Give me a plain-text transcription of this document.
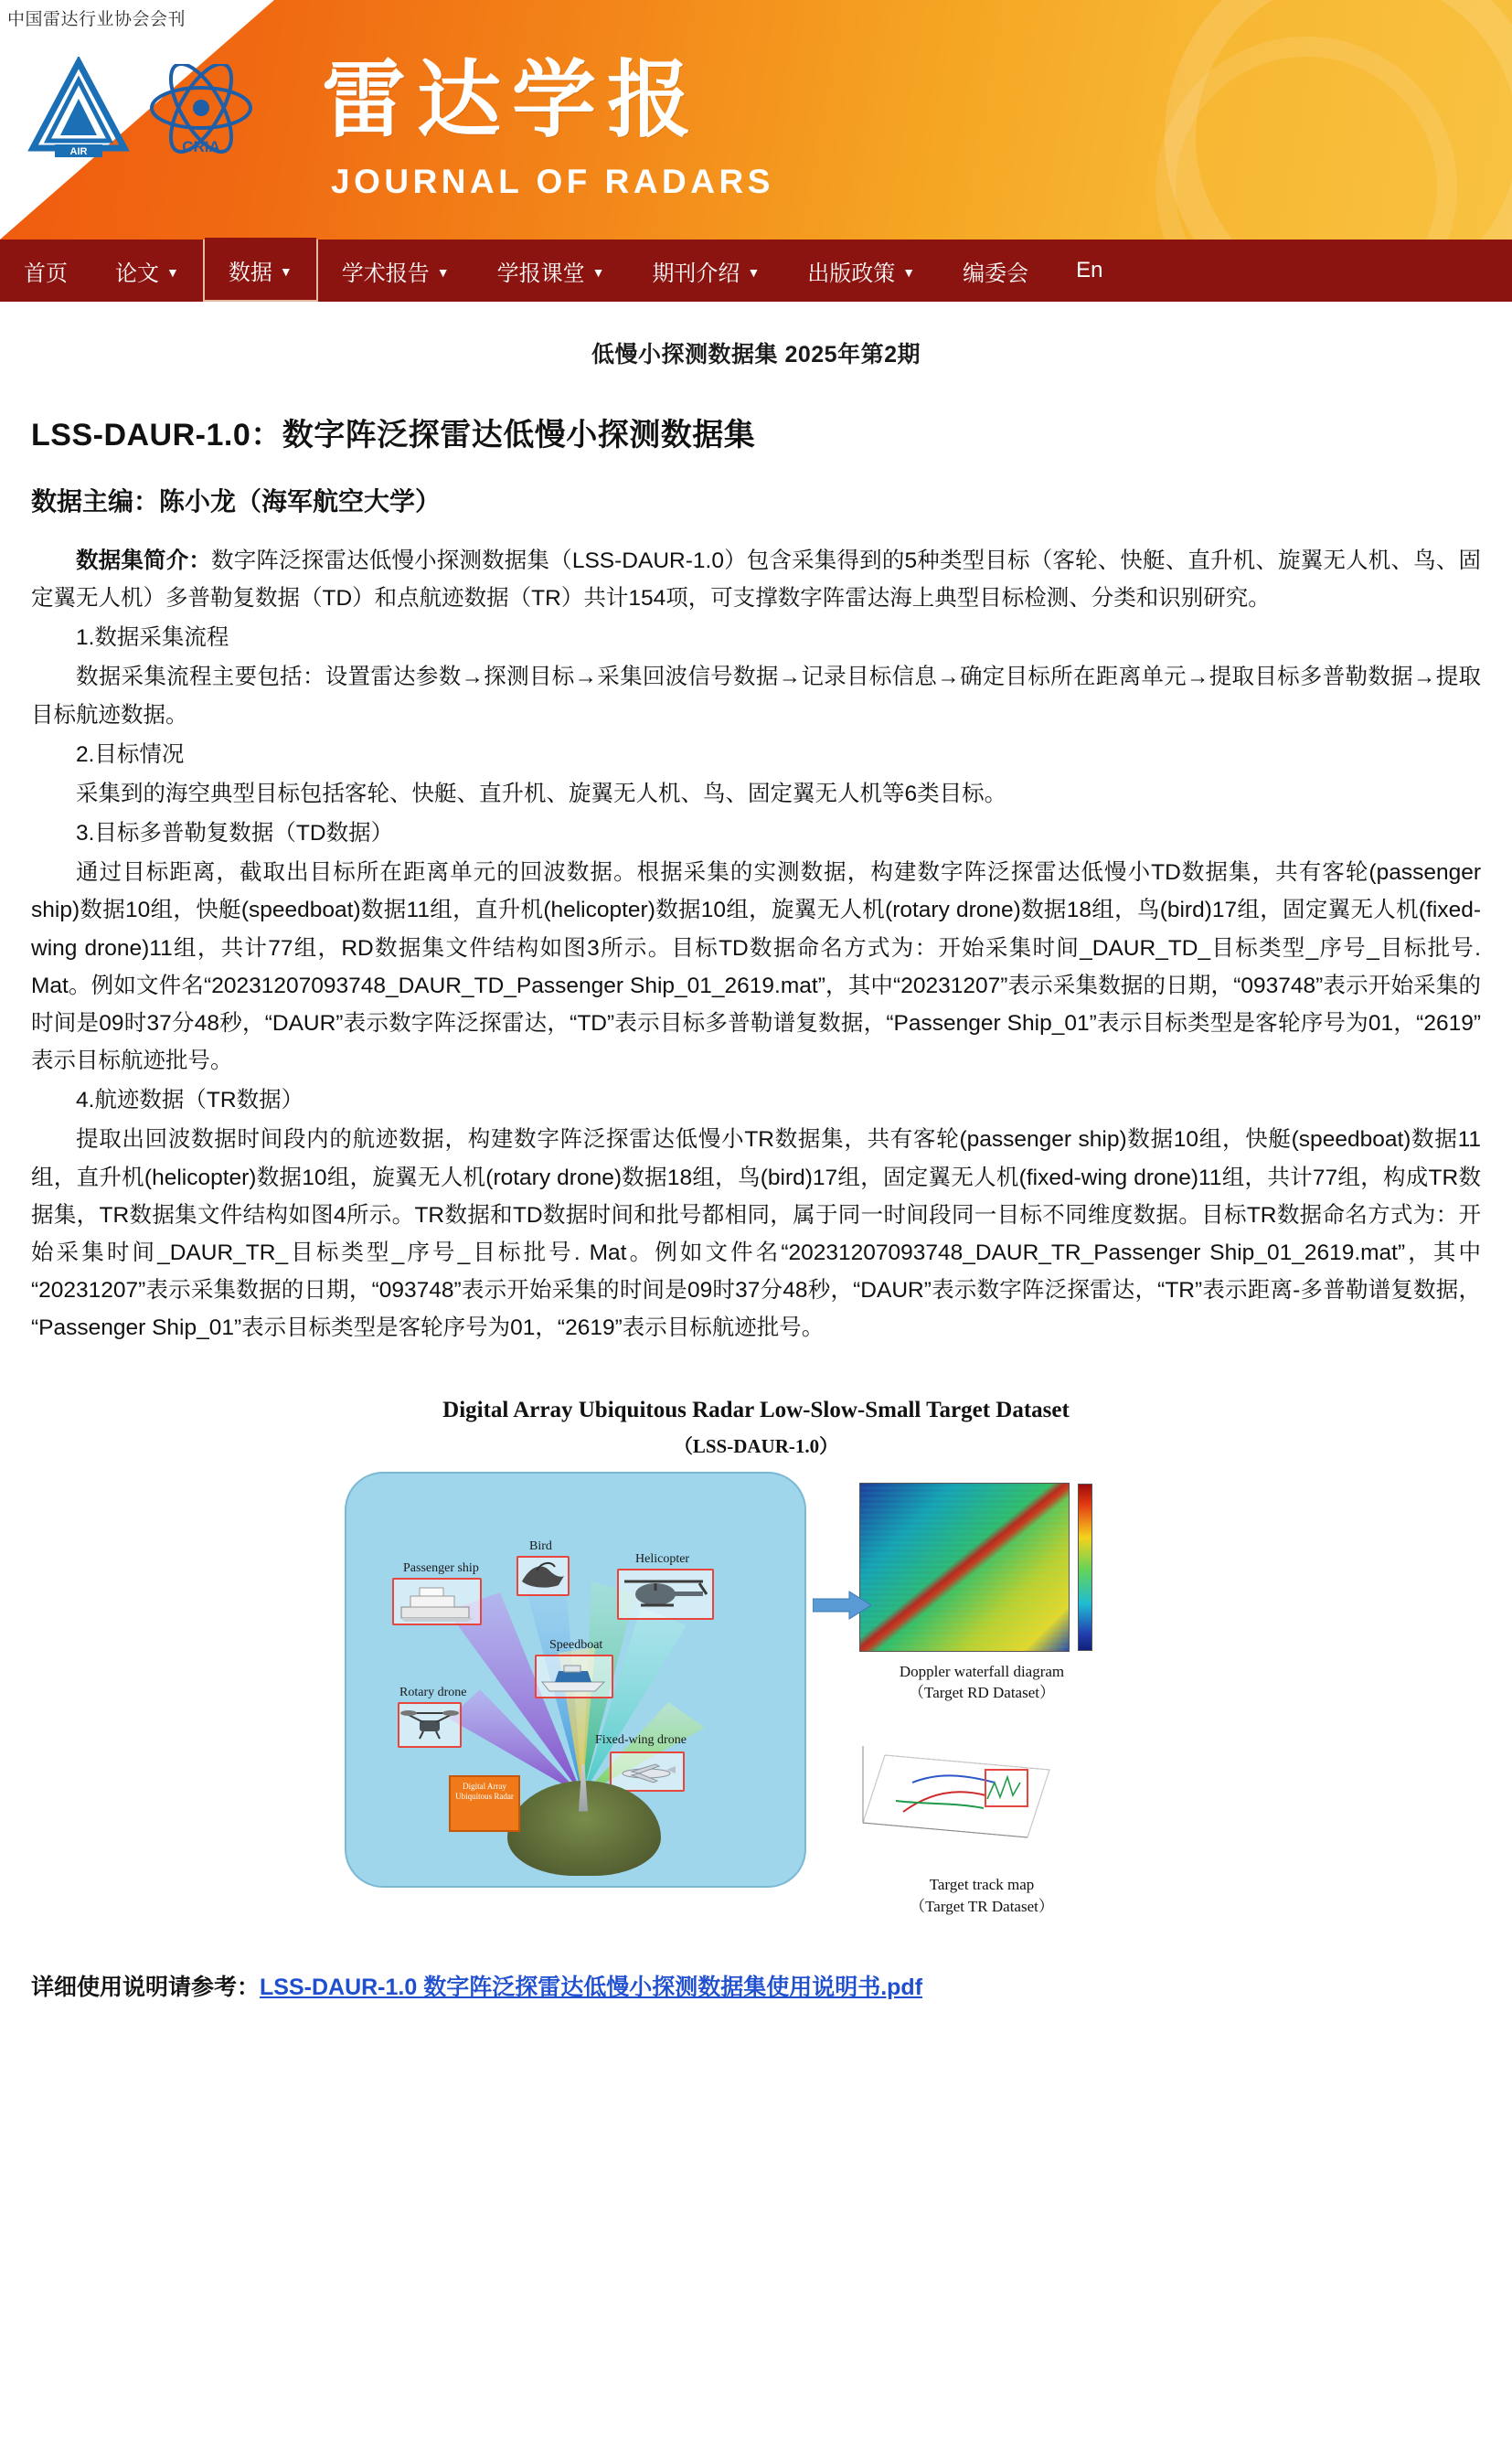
中国雷达行业协会会刊
AIR	CRIA 雷达学报
JOURNAL OF RADARS
首页 论文 ▼ 数据 ▼ 学术报告 ▼ 学报课堂 ▼ 期刊介绍 ▼ 出版政策 ▼ 编委会 En
低慢小探测数据集 2025年第2期
LSS-DAUR-1.0：数字阵泛探雷达低慢小探测数据集
数据主编：陈小龙（海军航空大学）

数据集简介：数字阵泛探雷达低慢小探测数据集（LSS-DAUR-1.0）包含采集得到的5种类型目标（客轮、快艇、直升机、旋翼无人机、鸟、固定翼无人机）多普勒复数据（TD）和点航迹数据（TR）共计154项，可支撑数字阵雷达海上典型目标检测、分类和识别研究。

1.数据采集流程

数据采集流程主要包括：设置雷达参数→探测目标→采集回波信号数据→记录目标信息→确定目标所在距离单元→提取目标多普勒数据→提取目标航迹数据。

2.目标情况

采集到的海空典型目标包括客轮、快艇、直升机、旋翼无人机、鸟、固定翼无人机等6类目标。

3.目标多普勒复数据（TD数据）

通过目标距离，截取出目标所在距离单元的回波数据。根据采集的实测数据，构建数字阵泛探雷达低慢小TD数据集，共有客轮(passenger ship)数据10组，快艇(speedboat)数据11组，直升机(helicopter)数据10组，旋翼无人机(rotary drone)数据18组，鸟(bird)17组，固定翼无人机(fixed-wing drone)11组，共计77组，RD数据集文件结构如图3所示。目标TD数据命名方式为：开始采集时间_DAUR_TD_目标类型_序号_目标批号. Mat。例如文件名“20231207093748_DAUR_TD_Passenger Ship_01_2619.mat”，其中“20231207”表示采集数据的日期，“093748”表示开始采集的时间是09时37分48秒，“DAUR”表示数字阵泛探雷达，“TD”表示目标多普勒谱复数据，“Passenger Ship_01”表示目标类型是客轮序号为01，“2619”表示目标航迹批号。

4.航迹数据（TR数据）

提取出回波数据时间段内的航迹数据，构建数字阵泛探雷达低慢小TR数据集，共有客轮(passenger ship)数据10组，快艇(speedboat)数据11组，直升机(helicopter)数据10组，旋翼无人机(rotary drone)数据18组，鸟(bird)17组，固定翼无人机(fixed-wing drone)11组，共计77组，构成TR数据集，TR数据集文件结构如图4所示。TR数据和TD数据时间和批号都相同，属于同一时间段同一目标不同维度数据。目标TR数据命名方式为：开始采集时间_DAUR_TR_目标类型_序号_目标批号. Mat。例如文件名“20231207093748_DAUR_TR_Passenger Ship_01_2619.mat”，其中“20231207”表示采集数据的日期，“093748”表示开始采集的时间是09时37分48秒，“DAUR”表示数字阵泛探雷达，“TR”表示距离-多普勒谱复数据，“Passenger Ship_01”表示目标类型是客轮序号为01，“2619”表示目标航迹批号。

Digital Array Ubiquitous Radar Low-Slow-Small Target Dataset
（LSS-DAUR-1.0）
Passenger ship
Bird
Helicopter
Speedboat
Rotary drone
Fixed-wing drone
Digital Array Ubiquitous Radar
Doppler waterfall diagram
（Target RD Dataset）
Target track map
（Target TR Dataset）
详细使用说明请参考：LSS-DAUR-1.0 数字阵泛探雷达低慢小探测数据集使用说明书.pdf
